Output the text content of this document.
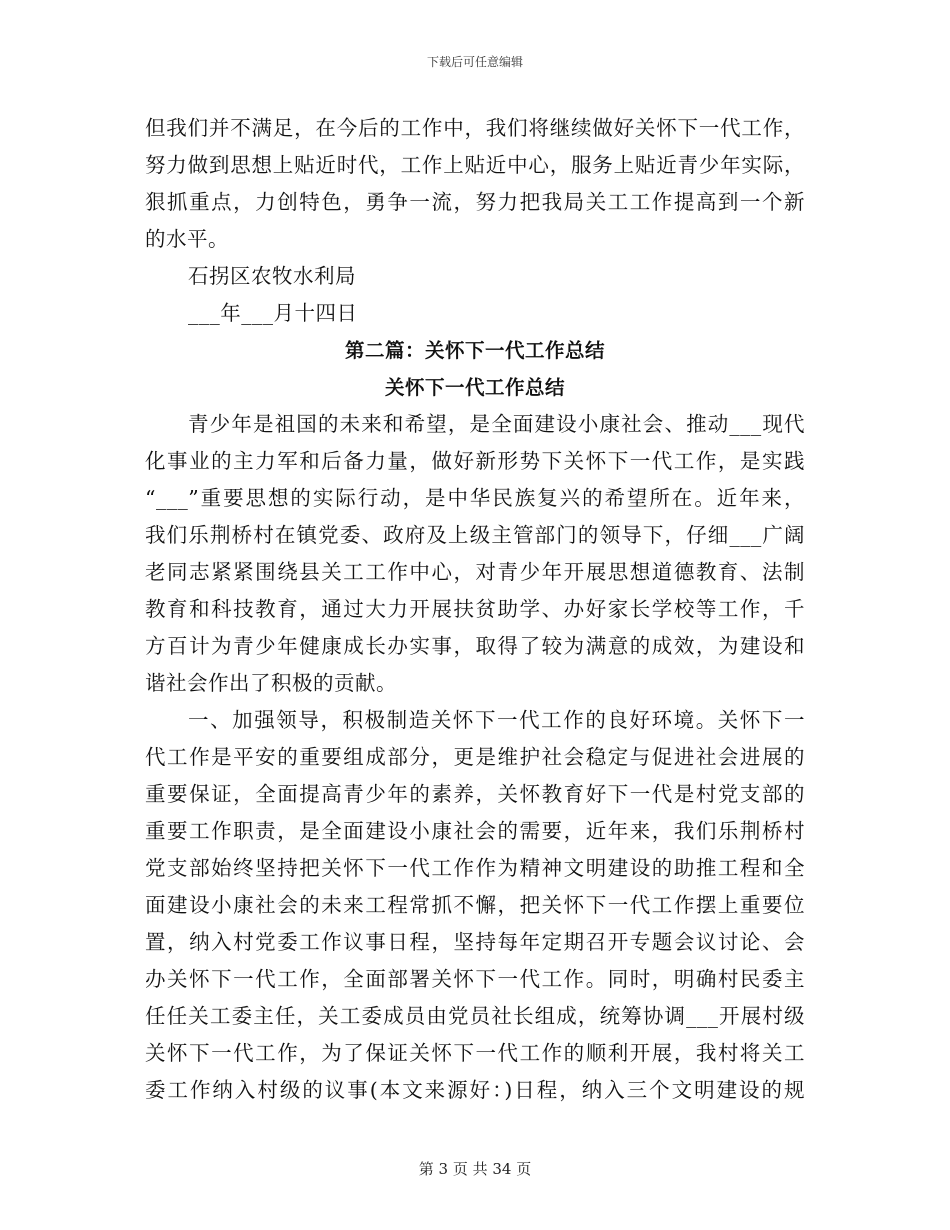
下载后可任意编辑
但我们并不满足，在今后的工作中，我们将继续做好关怀下一代工作，
努力做到思想上贴近时代，工作上贴近中心，服务上贴近青少年实际，
狠抓重点，力创特色，勇争一流，努力把我局关工工作提高到一个新
的水平。
石拐区农牧水利局
___年___月十四日
第二篇：关怀下一代工作总结
关怀下一代工作总结
青少年是祖国的未来和希望，是全面建设小康社会、推动___现代
化事业的主力军和后备力量，做好新形势下关怀下一代工作，是实践
“___”重要思想的实际行动，是中华民族复兴的希望所在。近年来，
我们乐荆桥村在镇党委、政府及上级主管部门的领导下，仔细___广阔
老同志紧紧围绕县关工工作中心，对青少年开展思想道德教育、法制
教育和科技教育，通过大力开展扶贫助学、办好家长学校等工作，千
方百计为青少年健康成长办实事，取得了较为满意的成效，为建设和
谐社会作出了积极的贡献。
一、加强领导，积极制造关怀下一代工作的良好环境。关怀下一
代工作是平安的重要组成部分，更是维护社会稳定与促进社会进展的
重要保证，全面提高青少年的素养，关怀教育好下一代是村党支部的
重要工作职责，是全面建设小康社会的需要，近年来，我们乐荆桥村
党支部始终坚持把关怀下一代工作作为精神文明建设的助推工程和全
面建设小康社会的未来工程常抓不懈，把关怀下一代工作摆上重要位
置，纳入村党委工作议事日程，坚持每年定期召开专题会议讨论、会
办关怀下一代工作，全面部署关怀下一代工作。同时，明确村民委主
任任关工委主任，关工委成员由党员社长组成，统筹协调___开展村级
关怀下一代工作，为了保证关怀下一代工作的顺利开展，我村将关工
委工作纳入村级的议事(本文来源好：)日程，纳入三个文明建设的规
第 3 页 共 34 页
